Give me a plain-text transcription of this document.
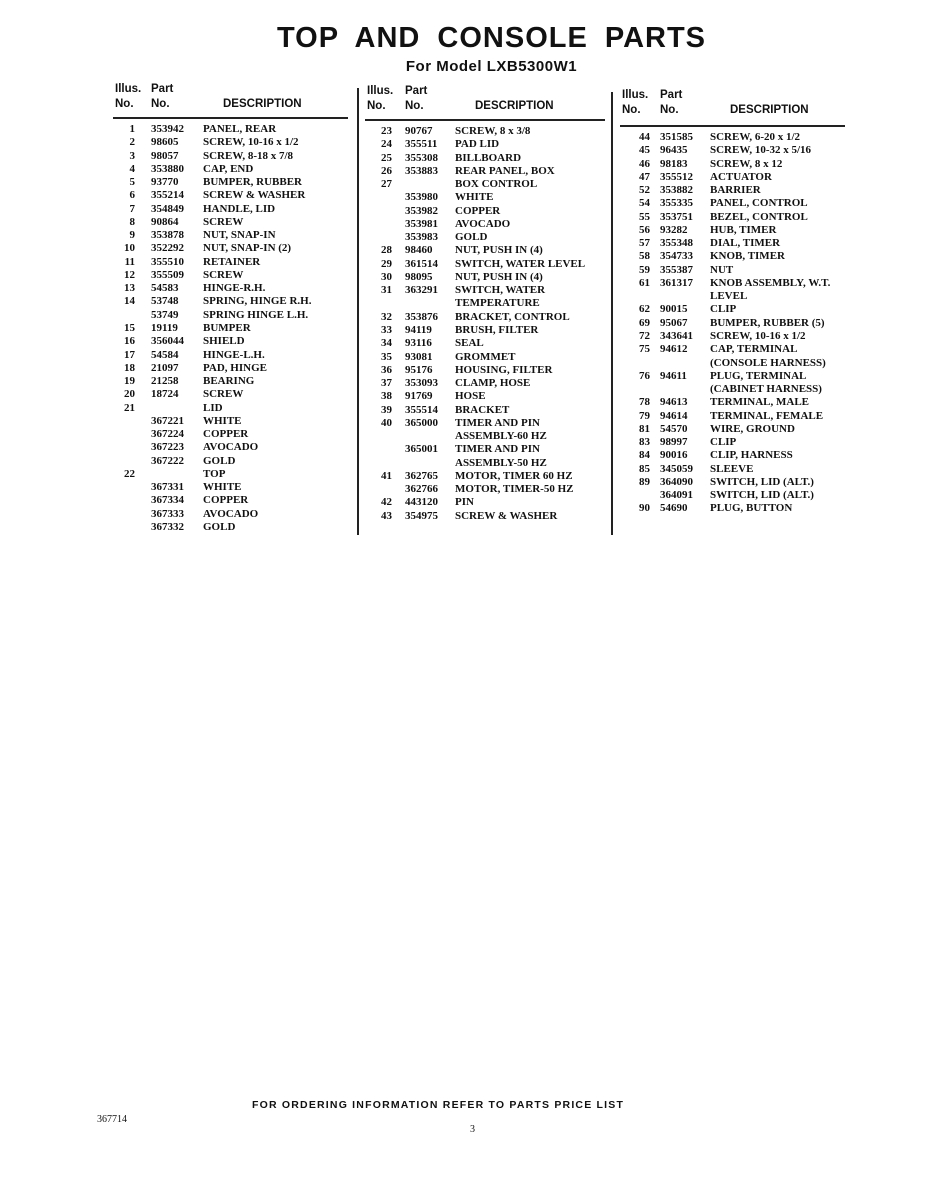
TOP AND CONSOLE PARTS
For Model LXB5300W1
Illus. Part
No. No.	DESCRIPTION
1 353942 PANEL, REAR
2 98605 SCREW, 10-16 x 1/2
3 98057 SCREW, 8-18 x 7/8
4 353880 CAP, END
5 93770 BUMPER, RUBBER
6 355214 SCREW & WASHER
7 354849 HANDLE, LID
8 90864 SCREW
9 353878 NUT, SNAP-IN
10 352292 NUT, SNAP-IN (2)
11 355510 RETAINER
12 355509 SCREW
13 54583 HINGE-R.H.
14 53748 SPRING, HINGE R.H.
53749 SPRING HINGE L.H.
15 19119 BUMPER
16 356044 SHIELD
17 54584 HINGE-L.H.
18 21097 PAD, HINGE
19 21258 BEARING
20 18724 SCREW
21	LID
367221 WHITE
367224 COPPER
367223 AVOCADO
367222 GOLD
22	TOP
367331 WHITE
367334 COPPER
367333 AVOCADO
367332 GOLD
Illus. Part
No. No.	DESCRIPTION
23 90767 SCREW, 8 x 3/8
24 355511 PAD LID
25 355308 BILLBOARD
26 353883 REAR PANEL, BOX
27	BOX CONTROL
353980 WHITE
353982 COPPER
353981 AVOCADO
353983 GOLD
28 98460 NUT, PUSH IN (4)
29 361514 SWITCH, WATER LEVEL
30 98095 NUT, PUSH IN (4)
31 363291 SWITCH, WATER
TEMPERATURE
32 353876 BRACKET, CONTROL
33 94119 BRUSH, FILTER
34 93116 SEAL
35 93081 GROMMET
36 95176 HOUSING, FILTER
37 353093 CLAMP, HOSE
38 91769 HOSE
39 355514 BRACKET
40 365000 TIMER AND PIN
ASSEMBLY-60 HZ
365001 TIMER AND PIN
ASSEMBLY-50 HZ
41 362765 MOTOR, TIMER 60 HZ
362766 MOTOR, TIMER-50 HZ
42 443120 PIN
43 354975 SCREW & WASHER
Illus. Part
No. No.	DESCRIPTION
44 351585 SCREW, 6-20 x 1/2
45 96435 SCREW, 10-32 x 5/16
46 98183 SCREW, 8 x 12
47 355512 ACTUATOR
52 353882 BARRIER
54 355335 PANEL, CONTROL
55 353751 BEZEL, CONTROL
56 93282 HUB, TIMER
57 355348 DIAL, TIMER
58 354733 KNOB, TIMER
59 355387 NUT
61 361317 KNOB ASSEMBLY, W.T.
LEVEL
62 90015 CLIP
69 95067 BUMPER, RUBBER (5)
72 343641 SCREW, 10-16 x 1/2
75 94612 CAP, TERMINAL
(CONSOLE HARNESS)
76 94611 PLUG, TERMINAL
(CABINET HARNESS)
78 94613 TERMINAL, MALE
79 94614 TERMINAL, FEMALE
81 54570 WIRE, GROUND
83 98997 CLIP
84 90016 CLIP, HARNESS
85 345059 SLEEVE
89 364090 SWITCH, LID (ALT.)
364091 SWITCH, LID (ALT.)
90 54690 PLUG, BUTTON
FOR ORDERING INFORMATION REFER TO PARTS PRICE LIST
367714
3
